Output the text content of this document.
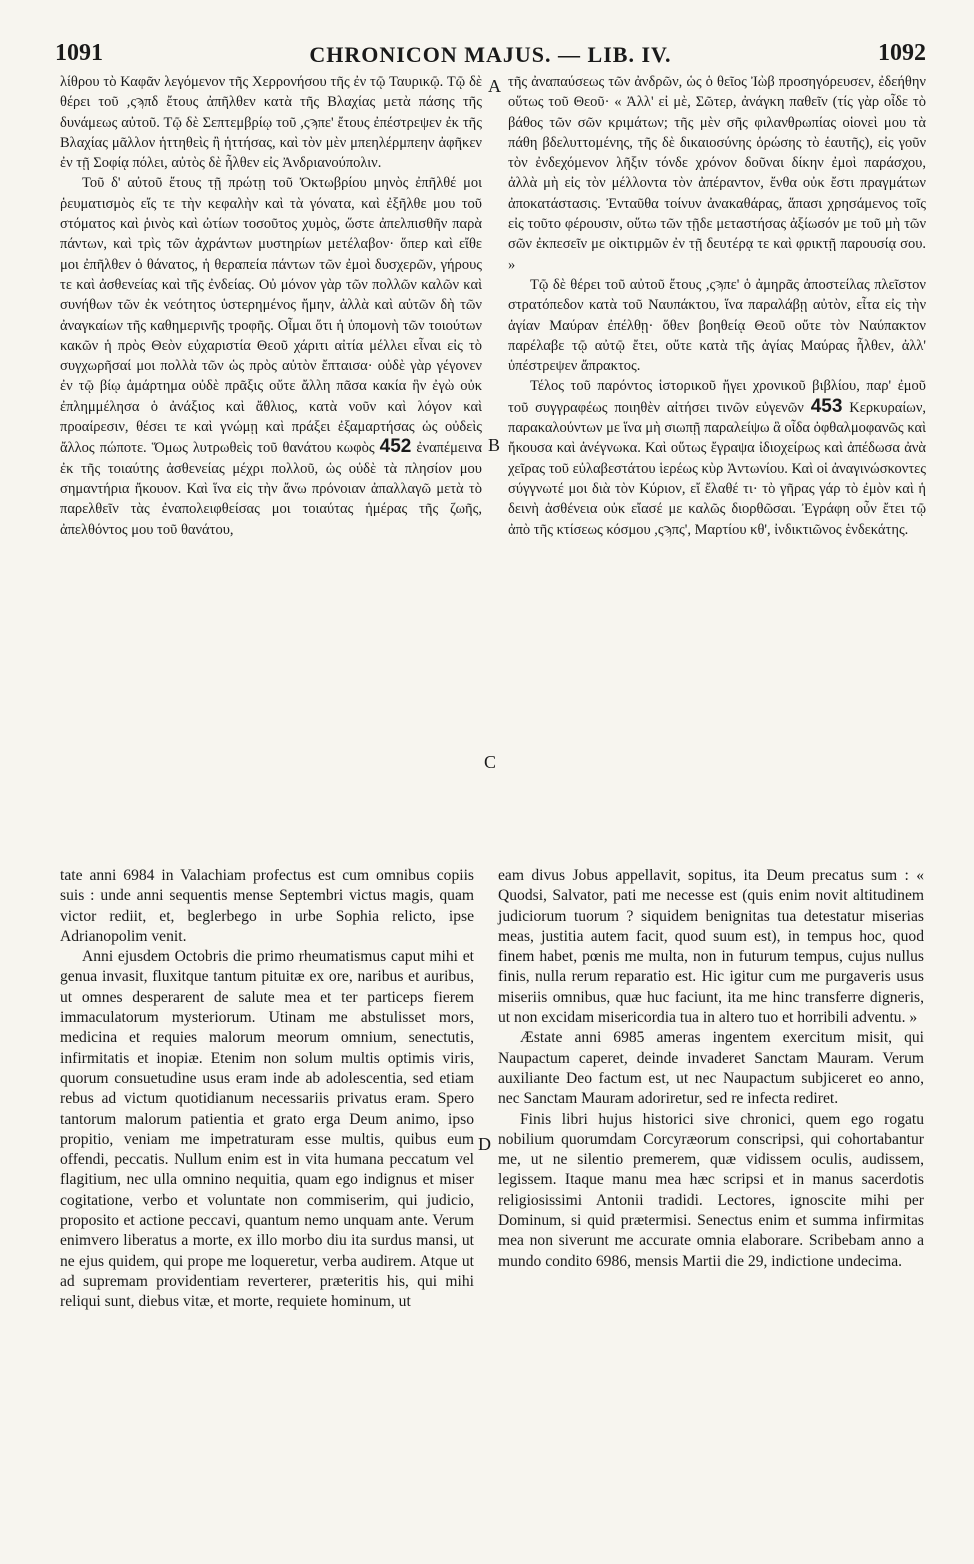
1091	CHRONICON MAJUS. — LIB. IV.	1092
A
B
C
D

λίθρου τὸ Καφᾶν λεγόμενον τῆς Χερρονήσου τῆς ἐν τῷ Ταυρικῷ. Τῷ δὲ θέρει τοῦ ,ςϡπδ ἔτους ἀπῆλθεν κατὰ τῆς Βλαχίας μετὰ πάσης τῆς δυνάμεως αὐτοῦ. Τῷ δὲ Σεπτεμβρίῳ τοῦ ,ςϡπε' ἔτους ἐπέστρεψεν ἐκ τῆς Βλαχίας μᾶλλον ἡττηθεὶς ἢ ἡττήσας, καὶ τὸν μὲν μπεηλέρμπεην ἀφῆκεν ἐν τῇ Σοφίᾳ πόλει, αὐτὸς δὲ ἦλθεν εἰς Ἀνδριανούπολιν.

Τοῦ δ' αὐτοῦ ἔτους τῇ πρώτῃ τοῦ Ὀκτωβρίου μηνὸς ἐπῆλθέ μοι ῥευματισμὸς εἴς τε τὴν κεφαλὴν καὶ τὰ γόνατα, καὶ ἐξῆλθε μου τοῦ στόματος καὶ ῥινὸς καὶ ὠτίων τοσοῦτος χυμὸς, ὥστε ἀπελπισθῆν παρὰ πάντων, καὶ τρὶς τῶν ἀχράντων μυστηρίων μετέλαβον· ὅπερ καὶ εἴθε μοι ἐπῆλθεν ὁ θάνατος, ἡ θεραπεία πάντων τῶν ἐμοὶ δυσχερῶν, γήρους τε καὶ ἀσθενείας καὶ τῆς ἐνδείας. Οὐ μόνον γὰρ τῶν πολλῶν καλῶν καὶ συνήθων τῶν ἐκ νεότητος ὑστερημένος ἤμην, ἀλλὰ καὶ αὐτῶν δὴ τῶν ἀναγκαίων τῆς καθημερινῆς τροφῆς. Οἶμαι ὅτι ἡ ὑπομονὴ τῶν τοιούτων κακῶν ἡ πρὸς Θεὸν εὐχαριστία Θεοῦ χάριτι αἰτία μέλλει εἶναι εἰς τὸ συγχωρῆσαί μοι πολλὰ τῶν ὡς πρὸς αὐτὸν ἔπταισα· οὐδὲ γὰρ γέγονεν ἐν τῷ βίῳ ἁμάρτημα οὐδὲ πρᾶξις οὔτε ἄλλη πᾶσα κακία ἣν ἐγὼ οὐκ ἐπλημμέλησα ὁ ἀνάξιος καὶ ἄθλιος, κατὰ νοῦν καὶ λόγον καὶ προαίρεσιν, θέσει τε καὶ γνώμῃ καὶ πράξει ἐξαμαρτήσας ὡς οὐδεὶς ἄλλος πώποτε. Ὅμως λυτρωθεὶς τοῦ θανάτου κωφὸς 452 ἐναπέμεινα ἐκ τῆς τοιαύτης ἀσθενείας μέχρι πολλοῦ, ὡς οὐδὲ τὰ πλησίον μου σημαντήρια ἤκουον. Καὶ ἵνα εἰς τὴν ἄνω πρόνοιαν ἀπαλλαγῶ μετὰ τὸ παρελθεῖν τὰς ἐναπολειφθείσας μοι τοιαύτας ἡμέρας τῆς ζωῆς, ἀπελθόντος μου τοῦ θανάτου,

τῆς ἀναπαύσεως τῶν ἀνδρῶν, ὡς ὁ θεῖος Ἰὼβ προσηγόρευσεν, ἐδεήθην οὕτως τοῦ Θεοῦ· « Ἀλλ' εἰ μὲ, Σῶτερ, ἀνάγκη παθεῖν (τίς γὰρ οἶδε τὸ βάθος τῶν σῶν κριμάτων; τῆς μὲν σῆς φιλανθρωπίας οἱονεὶ μου τὰ πάθη βδελυττομένης, τῆς δὲ δικαιοσύνης ὁρώσης τὸ ἑαυτῆς), εἰς γοῦν τὸν ἐνδεχόμενον λῆξιν τόνδε χρόνον δοῦναι δίκην ἐμοὶ παράσχου, ἀλλὰ μὴ εἰς τὸν μέλλοντα τὸν ἀπέραντον, ἔνθα οὐκ ἔστι πραγμάτων ἀποκατάστασις. Ἐνταῦθα τοίνυν ἀνακαθάρας, ἅπασι χρησάμενος τοῖς εἰς τοῦτο φέρουσιν, οὕτω τῶν τῇδε μεταστήσας ἀξίωσόν με τοῦ μὴ τῶν σῶν ἐκπεσεῖν με οἰκτιρμῶν ἐν τῇ δευτέρᾳ τε καὶ φρικτῇ παρουσίᾳ σου. »

Τῷ δὲ θέρει τοῦ αὐτοῦ ἔτους ,ςϡπε' ὁ ἀμηρᾶς ἀποστείλας πλεῖστον στρατόπεδον κατὰ τοῦ Ναυπάκτου, ἵνα παραλάβῃ αὐτὸν, εἶτα εἰς τὴν ἁγίαν Μαύραν ἐπέλθῃ· ὅθεν βοηθείᾳ Θεοῦ οὔτε τὸν Ναύπακτον παρέλαβε τῷ αὐτῷ ἔτει, οὔτε κατὰ τῆς ἁγίας Μαύρας ἦλθεν, ἀλλ' ὑπέστρεψεν ἄπρακτος.

Τέλος τοῦ παρόντος ἱστορικοῦ ἤγει χρονικοῦ βιβλίου, παρ' ἐμοῦ τοῦ συγγραφέως ποιηθὲν αἰτήσει τινῶν εὐγενῶν 453 Κερκυραίων, παρακαλούντων με ἵνα μὴ σιωπῇ παραλείψω ἃ οἶδα ὀφθαλμοφανῶς καὶ ἤκουσα καὶ ἀνέγνωκα. Καὶ οὕτως ἔγραψα ἰδιοχείρως καὶ ἀπέδωσα ἀνὰ χεῖρας τοῦ εὐλαβεστάτου ἱερέως κὺρ Ἀντωνίου. Καὶ οἱ ἀναγινώσκοντες σύγγνωτέ μοι διὰ τὸν Κύριον, εἴ ἔλαθέ τι· τὸ γῆρας γάρ τὸ ἐμὸν καὶ ἡ δεινὴ ἀσθένεια οὐκ εἴασέ με καλῶς διορθῶσαι. Ἐγράφη οὖν ἔτει τῷ ἀπὸ τῆς κτίσεως κόσμου ,ςϡπς', Μαρτίου κθ', ἰνδικτιῶνος ἑνδεκάτης.

tate anni 6984 in Valachiam profectus est cum omnibus copiis suis : unde anni sequentis mense Septembri victus magis, quam victor rediit, et, beglerbego in urbe Sophia relicto, ipse Adrianopolim venit.

Anni ejusdem Octobris die primo rheumatismus caput mihi et genua invasit, fluxitque tantum pituitæ ex ore, naribus et auribus, ut omnes desperarent de salute mea et ter particeps fierem immaculatorum mysteriorum. Utinam me abstulisset mors, medicina et requies malorum meorum omnium, senectutis, infirmitatis et inopiæ. Etenim non solum multis optimis viris, quorum consuetudine usus eram inde ab adolescentia, sed etiam rebus ad victum quotidianum necessariis privatus eram. Spero tantorum malorum patientia et grato erga Deum animo, ipso propitio, veniam me impetraturam esse multis, quibus eum offendi, peccatis. Nullum enim est in vita humana peccatum vel flagitium, nec ulla omnino nequitia, quam ego indignus et miser cogitatione, verbo et voluntate non commiserim, qui judicio, proposito et actione peccavi, quantum nemo unquam ante. Verum enimvero liberatus a morte, ex illo morbo diu ita surdus mansi, ut ne ejus quidem, qui prope me loqueretur, verba audirem. Atque ut ad supremam providentiam reverterer, præteritis his, qui mihi reliqui sunt, diebus vitæ, et morte, requiete hominum, ut

eam divus Jobus appellavit, sopitus, ita Deum precatus sum : « Quodsi, Salvator, pati me necesse est (quis enim novit altitudinem judiciorum tuorum ? siquidem benignitas tua detestatur miserias meas, justitia autem facit, quod suum est), in tempus hoc, quod finem habet, pœnis me multa, non in futurum tempus, cujus nullus finis, nulla rerum reparatio est. Hic igitur cum me purgaveris usus miseriis omnibus, quæ huc faciunt, ita me hinc transferre digneris, ut non excidam misericordia tua in altero tuo et horribili adventu. »

Æstate anni 6985 ameras ingentem exercitum misit, qui Naupactum caperet, deinde invaderet Sanctam Mauram. Verum auxiliante Deo factum est, ut nec Naupactum subjiceret eo anno, nec Sanctam Mauram adoriretur, sed re infecta rediret.

Finis libri hujus historici sive chronici, quem ego rogatu nobilium quorumdam Corcyræorum conscripsi, qui cohortabantur me, ut ne silentio premerem, quæ vidissem oculis, audissem, legissem. Itaque manu mea hæc scripsi et in manus sacerdotis religiosissimi Antonii tradidi. Lectores, ignoscite mihi per Dominum, si quid prætermisi. Senectus enim et summa infirmitas mea non siverunt me accurate omnia elaborare. Scribebam anno a mundo condito 6986, mensis Martii die 29, indictione undecima.
